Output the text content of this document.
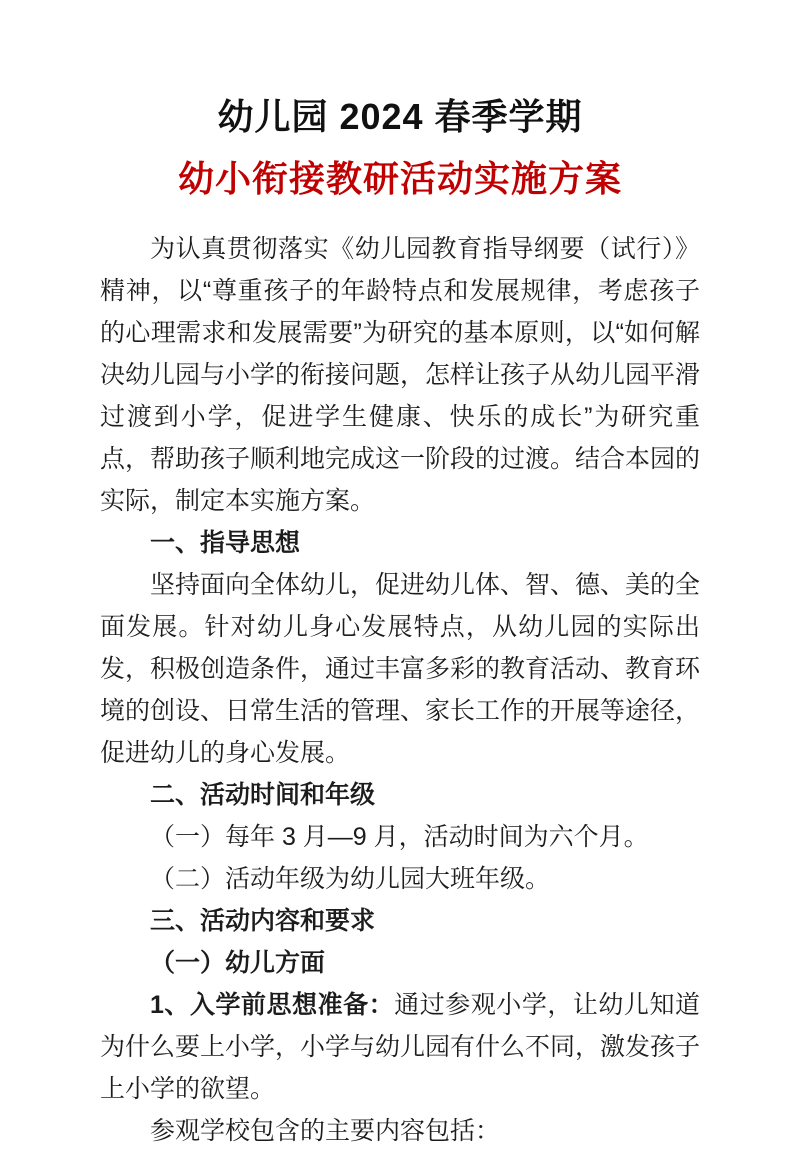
幼儿园 2024 春季学期
幼小衔接教研活动实施方案

为认真贯彻落实《幼儿园教育指导纲要（试行）》精神，以“尊重孩子的年龄特点和发展规律，考虑孩子的心理需求和发展需要”为研究的基本原则，以“如何解决幼儿园与小学的衔接问题，怎样让孩子从幼儿园平滑过渡到小学，促进学生健康、快乐的成长”为研究重点，帮助孩子顺利地完成这一阶段的过渡。结合本园的实际，制定本实施方案。

一、指导思想

坚持面向全体幼儿，促进幼儿体、智、德、美的全面发展。针对幼儿身心发展特点，从幼儿园的实际出发，积极创造条件，通过丰富多彩的教育活动、教育环境的创设、日常生活的管理、家长工作的开展等途径，促进幼儿的身心发展。

二、活动时间和年级

（一）每年 3 月—9 月，活动时间为六个月。

（二）活动年级为幼儿园大班年级。

三、活动内容和要求

（一）幼儿方面

1、入学前思想准备：通过参观小学，让幼儿知道为什么要上小学，小学与幼儿园有什么不同，激发孩子上小学的欲望。

参观学校包含的主要内容包括：
